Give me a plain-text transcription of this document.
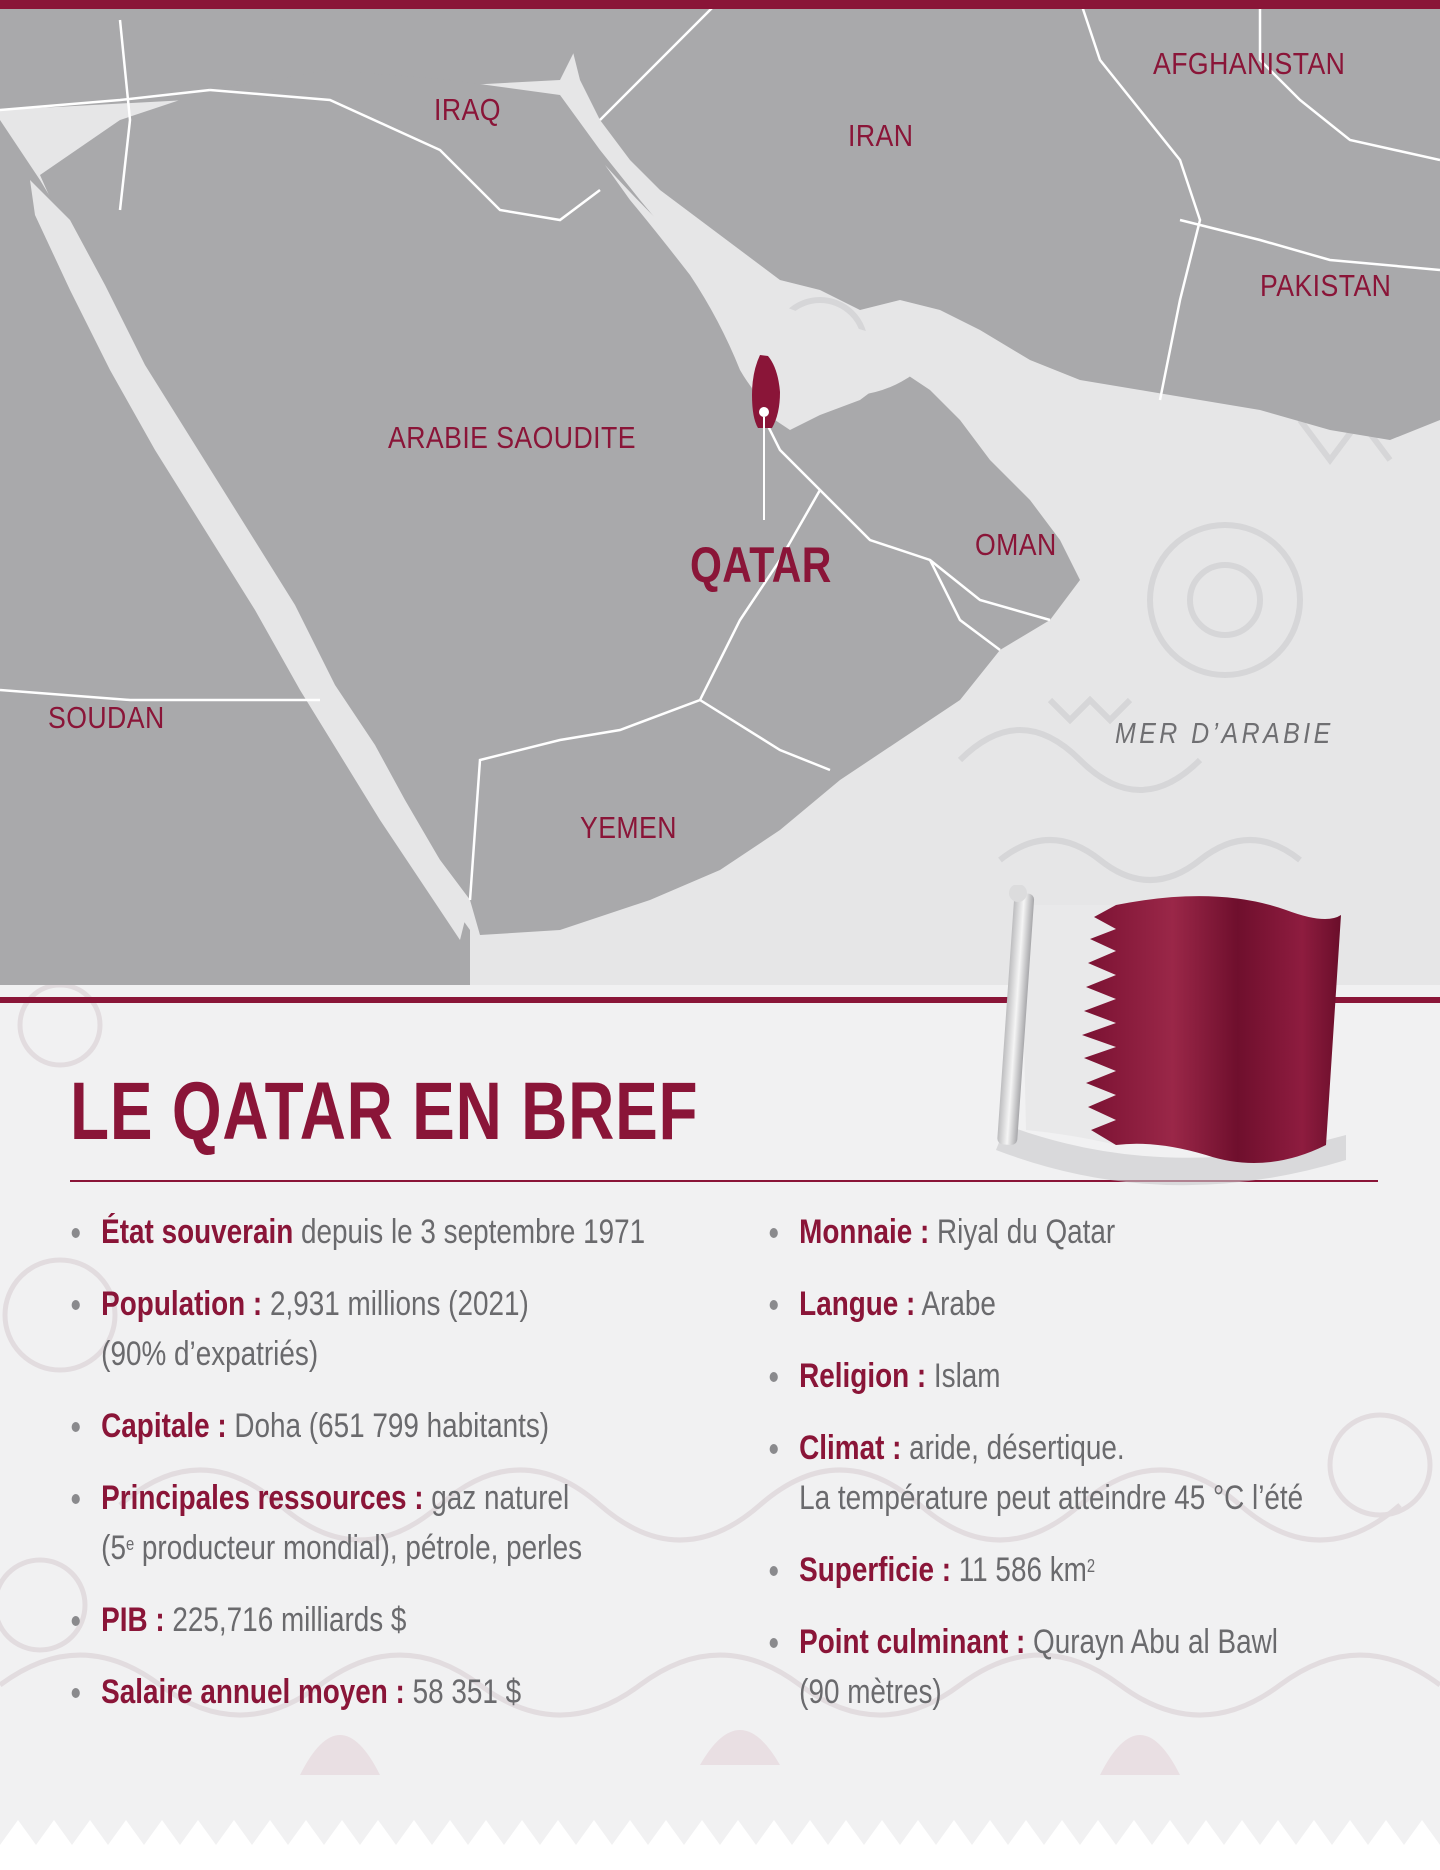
AFGHANISTAN
IRAQ
IRAN
PAKISTAN
ARABIE SAOUDITE
QATAR	OMAN
SOUDAN
YEMEN
MER D’ARABIE
LE QATAR EN BREF
État souverain depuis le 3 septembre 1971
Population : 2,931 millions (2021)
(90% d’expatriés)
Capitale : Doha (651 799 habitants)
Principales ressources : gaz naturel
(5e producteur mondial), pétrole, perles
PIB : 225,716 milliards $
Salaire annuel moyen : 58 351 $
Monnaie : Riyal du Qatar
Langue : Arabe
Religion : Islam
Climat : aride, désertique.
La température peut atteindre 45 °C l’été
Superficie : 11 586 $km^2$
Point culminant : Qurayn Abu al Bawl
(90 mètres)
